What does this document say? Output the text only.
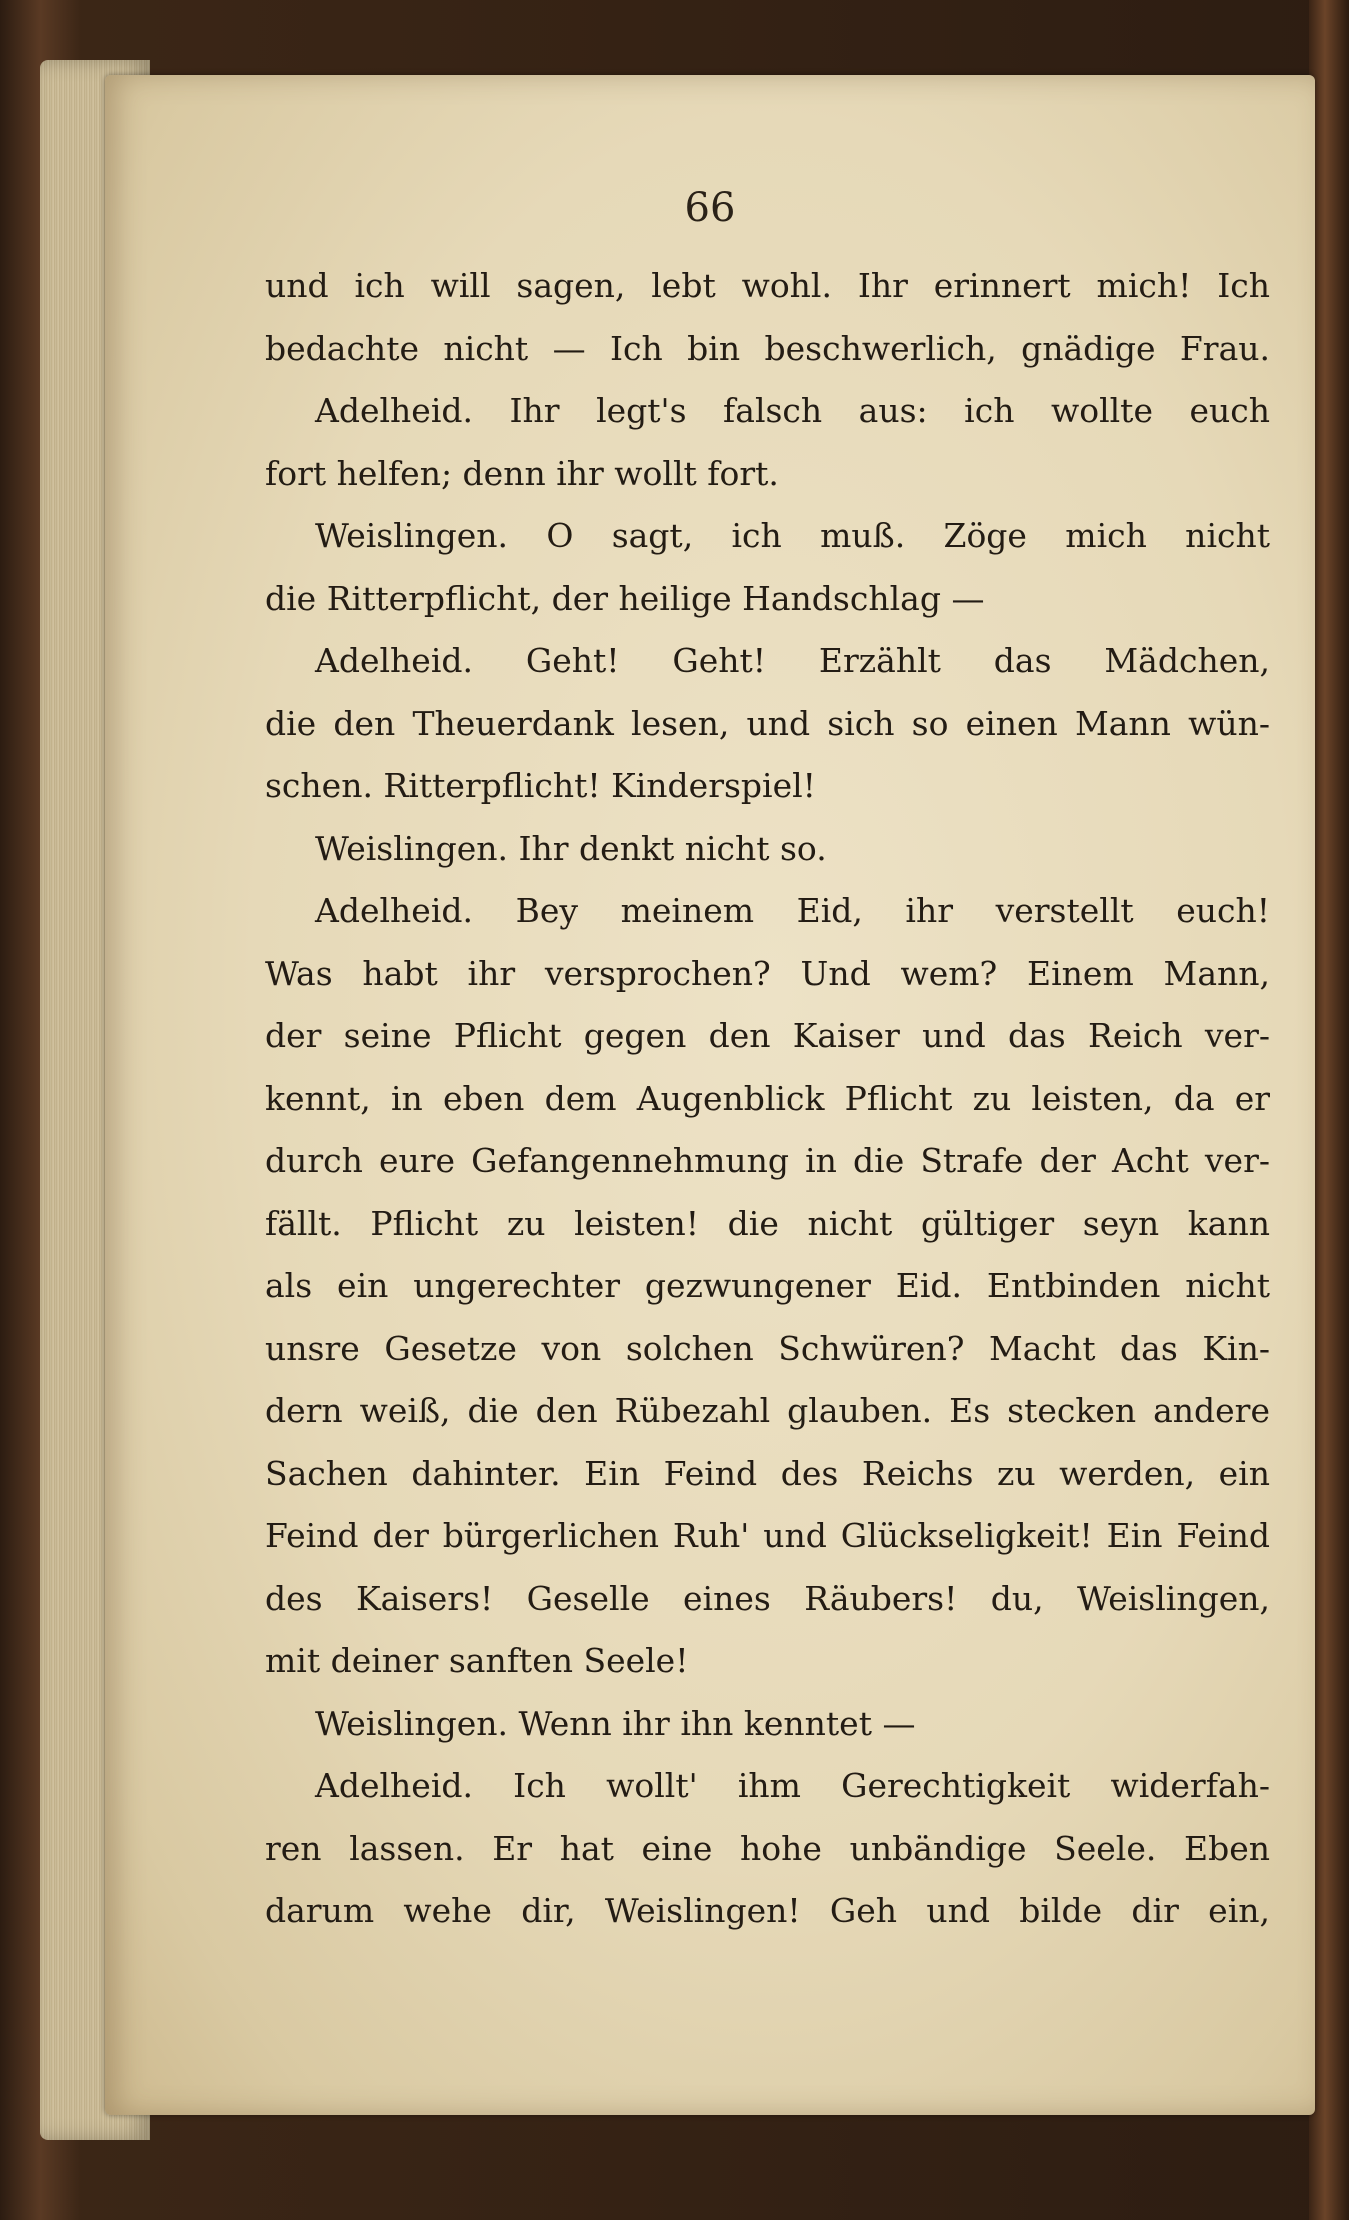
66
und ich will sagen, lebt wohl. Ihr erinnert mich! Ich
bedachte nicht — Ich bin beschwerlich, gnädige Frau.
Adelheid. Ihr legt's falsch aus: ich wollte euch
fort helfen; denn ihr wollt fort.
Weislingen. O sagt, ich muß. Zöge mich nicht
die Ritterpflicht, der heilige Handschlag —
Adelheid. Geht! Geht! Erzählt das Mädchen,
die den Theuerdank lesen, und sich so einen Mann wün-
schen. Ritterpflicht! Kinderspiel!
Weislingen. Ihr denkt nicht so.
Adelheid. Bey meinem Eid, ihr verstellt euch!
Was habt ihr versprochen? Und wem? Einem Mann,
der seine Pflicht gegen den Kaiser und das Reich ver-
kennt, in eben dem Augenblick Pflicht zu leisten, da er
durch eure Gefangennehmung in die Strafe der Acht ver-
fällt. Pflicht zu leisten! die nicht gültiger seyn kann
als ein ungerechter gezwungener Eid. Entbinden nicht
unsre Gesetze von solchen Schwüren? Macht das Kin-
dern weiß, die den Rübezahl glauben. Es stecken andere
Sachen dahinter. Ein Feind des Reichs zu werden, ein
Feind der bürgerlichen Ruh' und Glückseligkeit! Ein Feind
des Kaisers! Geselle eines Räubers! du, Weislingen,
mit deiner sanften Seele!
Weislingen. Wenn ihr ihn kenntet —
Adelheid. Ich wollt' ihm Gerechtigkeit widerfah-
ren lassen. Er hat eine hohe unbändige Seele. Eben
darum wehe dir, Weislingen! Geh und bilde dir ein,
